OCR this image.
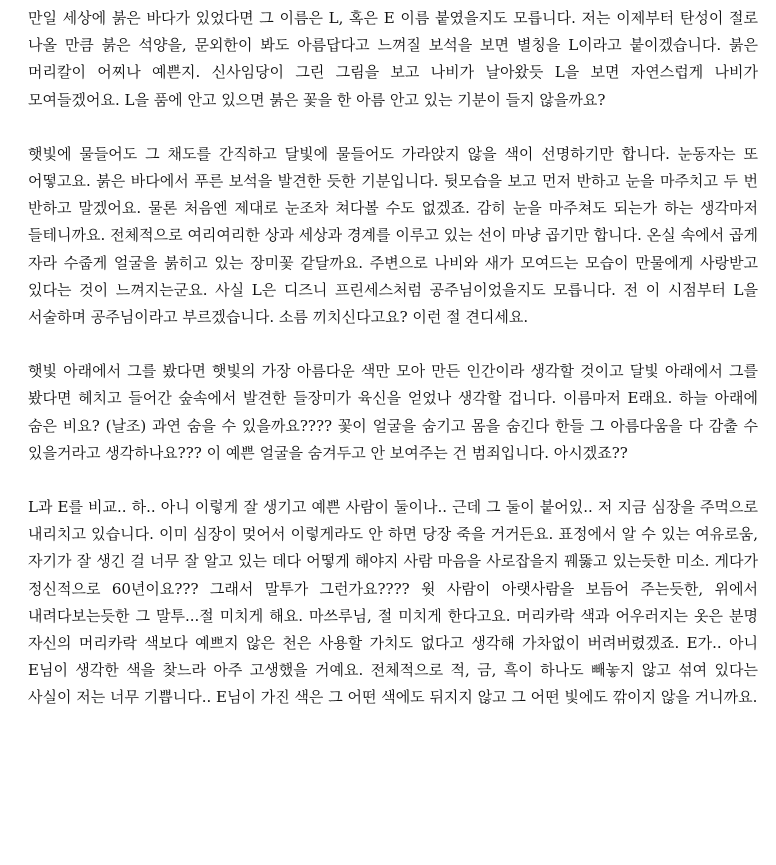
만일 세상에 붉은 바다가 있었다면 그 이름은 L, 혹은 E 이름 붙였을지도 모릅니다. 저는 이제부터 탄성이 절로 나올 만큼 붉은 석양을, 문외한이 봐도 아름답다고 느껴질 보석을 보면 별칭을 L이라고 붙이겠습니다. 붉은 머리칼이 어찌나 예쁜지. 신사임당이 그린 그림을 보고 나비가 날아왔듯 L을 보면 자연스럽게 나비가 모여들겠어요. L을 품에 안고 있으면 붉은 꽃을 한 아름 안고 있는 기분이 들지 않을까요?

햇빛에 물들어도 그 채도를 간직하고 달빛에 물들어도 가라앉지 않을 색이 선명하기만 합니다. 눈동자는 또 어떻고요. 붉은 바다에서 푸른 보석을 발견한 듯한 기분입니다. 뒷모습을 보고 먼저 반하고 눈을 마주치고 두 번 반하고 말겠어요. 물론 처음엔 제대로 눈조차 쳐다볼 수도 없겠죠. 감히 눈을 마주쳐도 되는가 하는 생각마저 들테니까요. 전체적으로 여리여리한 상과 세상과 경계를 이루고 있는 선이 마냥 곱기만 합니다. 온실 속에서 곱게 자라 수줍게 얼굴을 붉히고 있는 장미꽃 같달까요. 주변으로 나비와 새가 모여드는 모습이 만물에게 사랑받고 있다는 것이 느껴지는군요. 사실 L은 디즈니 프린세스처럼 공주님이었을지도 모릅니다. 전 이 시점부터 L을 서술하며 공주님이라고 부르겠습니다. 소름 끼치신다고요? 이런 절 견디세요.

햇빛 아래에서 그를 봤다면 햇빛의 가장 아름다운 색만 모아 만든 인간이라 생각할 것이고 달빛 아래에서 그를 봤다면 헤치고 들어간 숲속에서 발견한 들장미가 육신을 얻었나 생각할 겁니다. 이름마저 E래요. 하늘 아래에 숨은 비요? (날조) 과연 숨을 수 있을까요???? 꽃이 얼굴을 숨기고 몸을 숨긴다 한들 그 아름다움을 다 감출 수 있을거라고 생각하나요??? 이 예쁜 얼굴을 숨겨두고 안 보여주는 건 범죄입니다. 아시겠죠??

L과 E를 비교.. 하.. 아니 이렇게 잘 생기고 예쁜 사람이 둘이나.. 근데 그 둘이 붙어있.. 저 지금 심장을 주먹으로 내리치고 있습니다. 이미 심장이 멎어서 이렇게라도 안 하면 당장 죽을 거거든요. 표정에서 알 수 있는 여유로움, 자기가 잘 생긴 걸 너무 잘 알고 있는 데다 어떻게 해야지 사람 마음을 사로잡을지 꿰뚫고 있는듯한 미소. 게다가 정신적으로 60년이요??? 그래서 말투가 그런가요???? 윗 사람이 아랫사람을 보듬어 주는듯한, 위에서 내려다보는듯한 그 말투...절 미치게 해요. 마쓰루님, 절 미치게 한다고요. 머리카락 색과 어우러지는 옷은 분명 자신의 머리카락 색보다 예쁘지 않은 천은 사용할 가치도 없다고 생각해 가차없이 버려버렸겠죠. E가.. 아니 E님이 생각한 색을 찾느라 아주 고생했을 거예요. 전체적으로 적, 금, 흑이 하나도 빼놓지 않고 섞여 있다는 사실이 저는 너무 기쁩니다.. E님이 가진 색은 그 어떤 색에도 뒤지지 않고 그 어떤 빛에도 깎이지 않을 거니까요.
